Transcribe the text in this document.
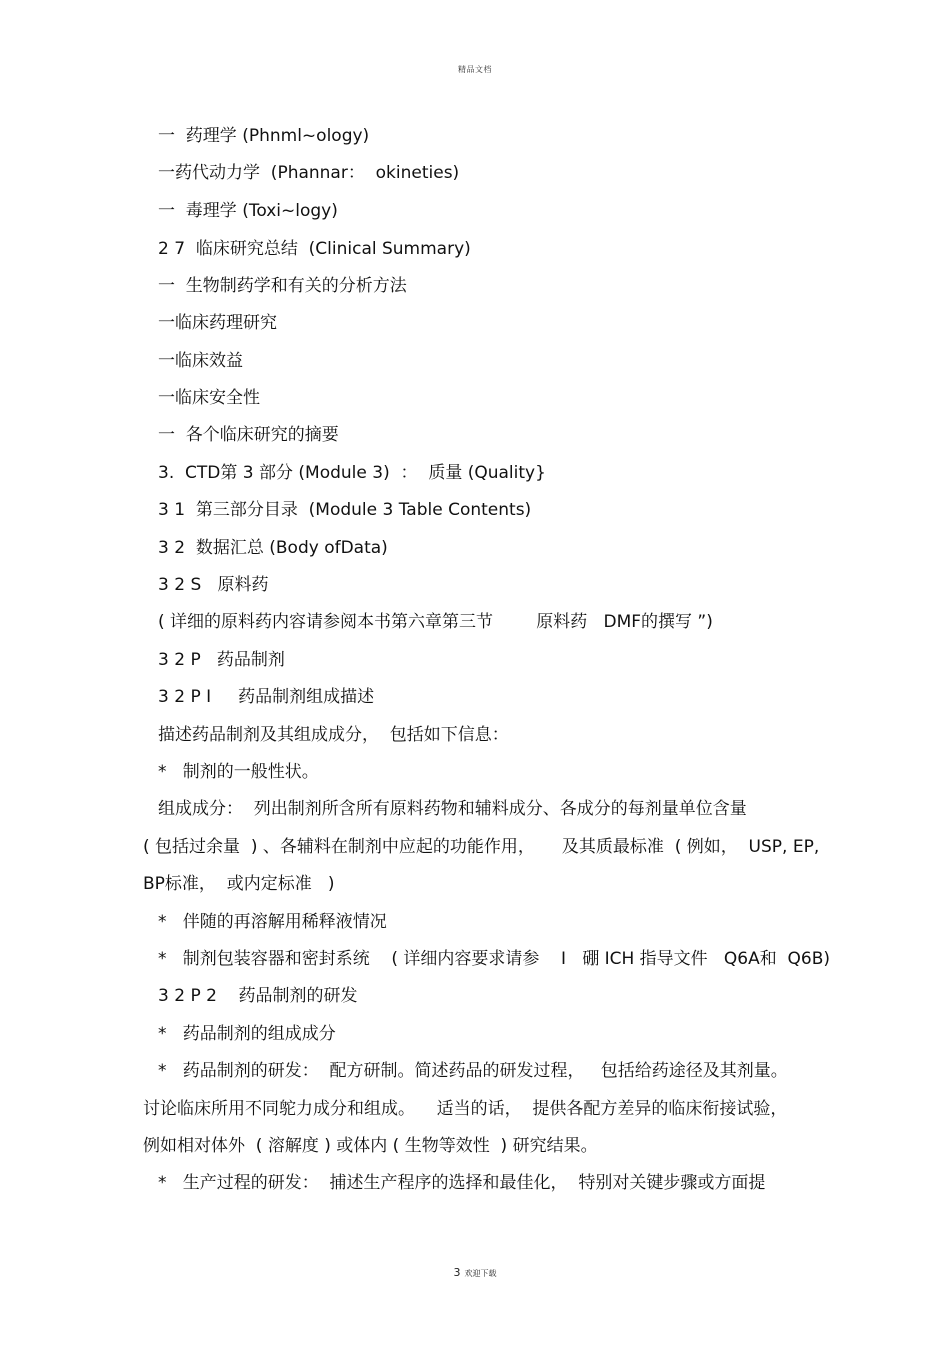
精品文档
一  药理学 (Phnml~ology)
一药代动力学  (Phannar：  okineties)
一  毒理学 (Toxi~logy)
2 7  临床研究总结  (Clinical Summary)
一  生物制药学和有关的分析方法
一临床药理研究
一临床效益
一临床安全性
一  各个临床研究的摘要
3.  CTD第 3 部分 (Module 3)  ：  质量 (Quality}
3 1  第三部分目录  (Module 3 Table Contents)
3 2  数据汇总 (Body ofData)
3 2 S   原料药
( 详细的原料药内容请参阅本书第六章第三节        原料药   DMF的撰写 ”)
3 2 P   药品制剂
3 2 P I     药品制剂组成描述
描述药品制剂及其组成成分，  包括如下信息：
*   制剂的一般性状。
组成成分：  列出制剂所含所有原料药物和辅料成分、各成分的每剂量单位含量
( 包括过余量  ) 、各辅料在制剂中应起的功能作用，     及其质最标准  ( 例如，  USP, EP,
BP标准，  或内定标准   )
*   伴随的再溶解用稀释液情况
*   制剂包装容器和密封系统    ( 详细内容要求请参    I   硼 ICH 指导文件   Q6A和  Q6B)
3 2 P 2    药品制剂的研发
*   药品制剂的组成成分
*   药品制剂的研发：  配方研制。简述药品的研发过程，   包括给药途径及其剂量。
讨论临床所用不同鸵力成分和组成。    适当的话，  提供各配方差异的临床衔接试验，
例如相对体外  ( 溶解度 ) 或体内 ( 生物等效性  ) 研究结果。
*   生产过程的研发：  捕述生产程序的选择和最佳化，  特别对关键步骤或方面提
3 欢迎下载
